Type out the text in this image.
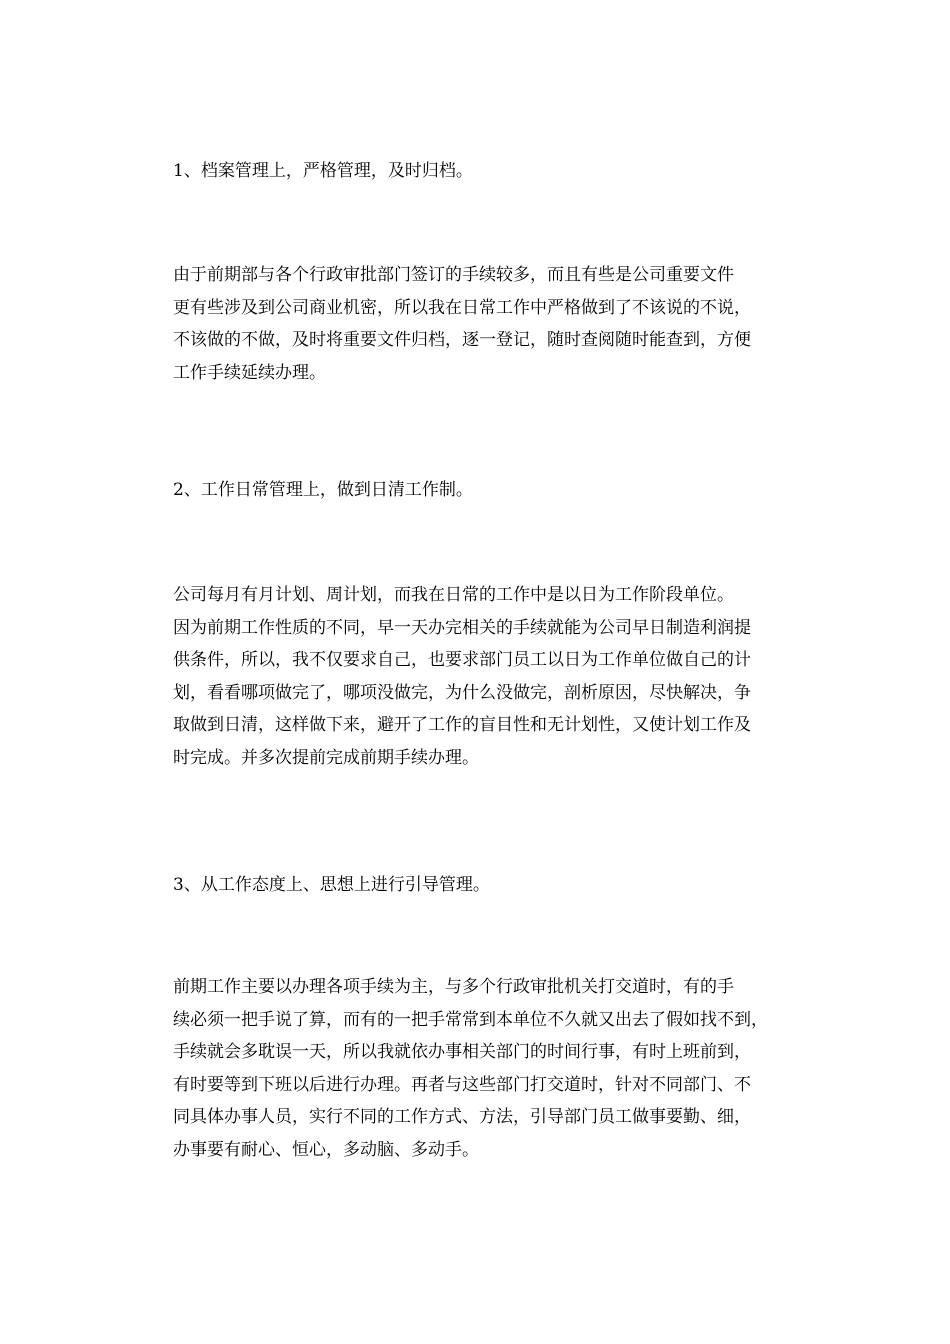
1、档案管理上，严格管理，及时归档。

由于前期部与各个行政审批部门签订的手续较多，而且有些是公司重要文件
更有些涉及到公司商业机密，所以我在日常工作中严格做到了不该说的不说，
不该做的不做，及时将重要文件归档，逐一登记，随时查阅随时能查到，方便
工作手续延续办理。

2、工作日常管理上，做到日清工作制。

公司每月有月计划、周计划，而我在日常的工作中是以日为工作阶段单位。
因为前期工作性质的不同，早一天办完相关的手续就能为公司早日制造利润提
供条件，所以，我不仅要求自己，也要求部门员工以日为工作单位做自己的计
划，看看哪项做完了，哪项没做完，为什么没做完，剖析原因，尽快解决，争
取做到日清，这样做下来，避开了工作的盲目性和无计划性，又使计划工作及
时完成。并多次提前完成前期手续办理。

3、从工作态度上、思想上进行引导管理。

前期工作主要以办理各项手续为主，与多个行政审批机关打交道时，有的手
续必须一把手说了算，而有的一把手常常到本单位不久就又出去了假如找不到，
手续就会多耽误一天，所以我就依办事相关部门的时间行事，有时上班前到，
有时要等到下班以后进行办理。再者与这些部门打交道时，针对不同部门、不
同具体办事人员，实行不同的工作方式、方法，引导部门员工做事要勤、细，
办事要有耐心、恒心，多动脑、多动手。
